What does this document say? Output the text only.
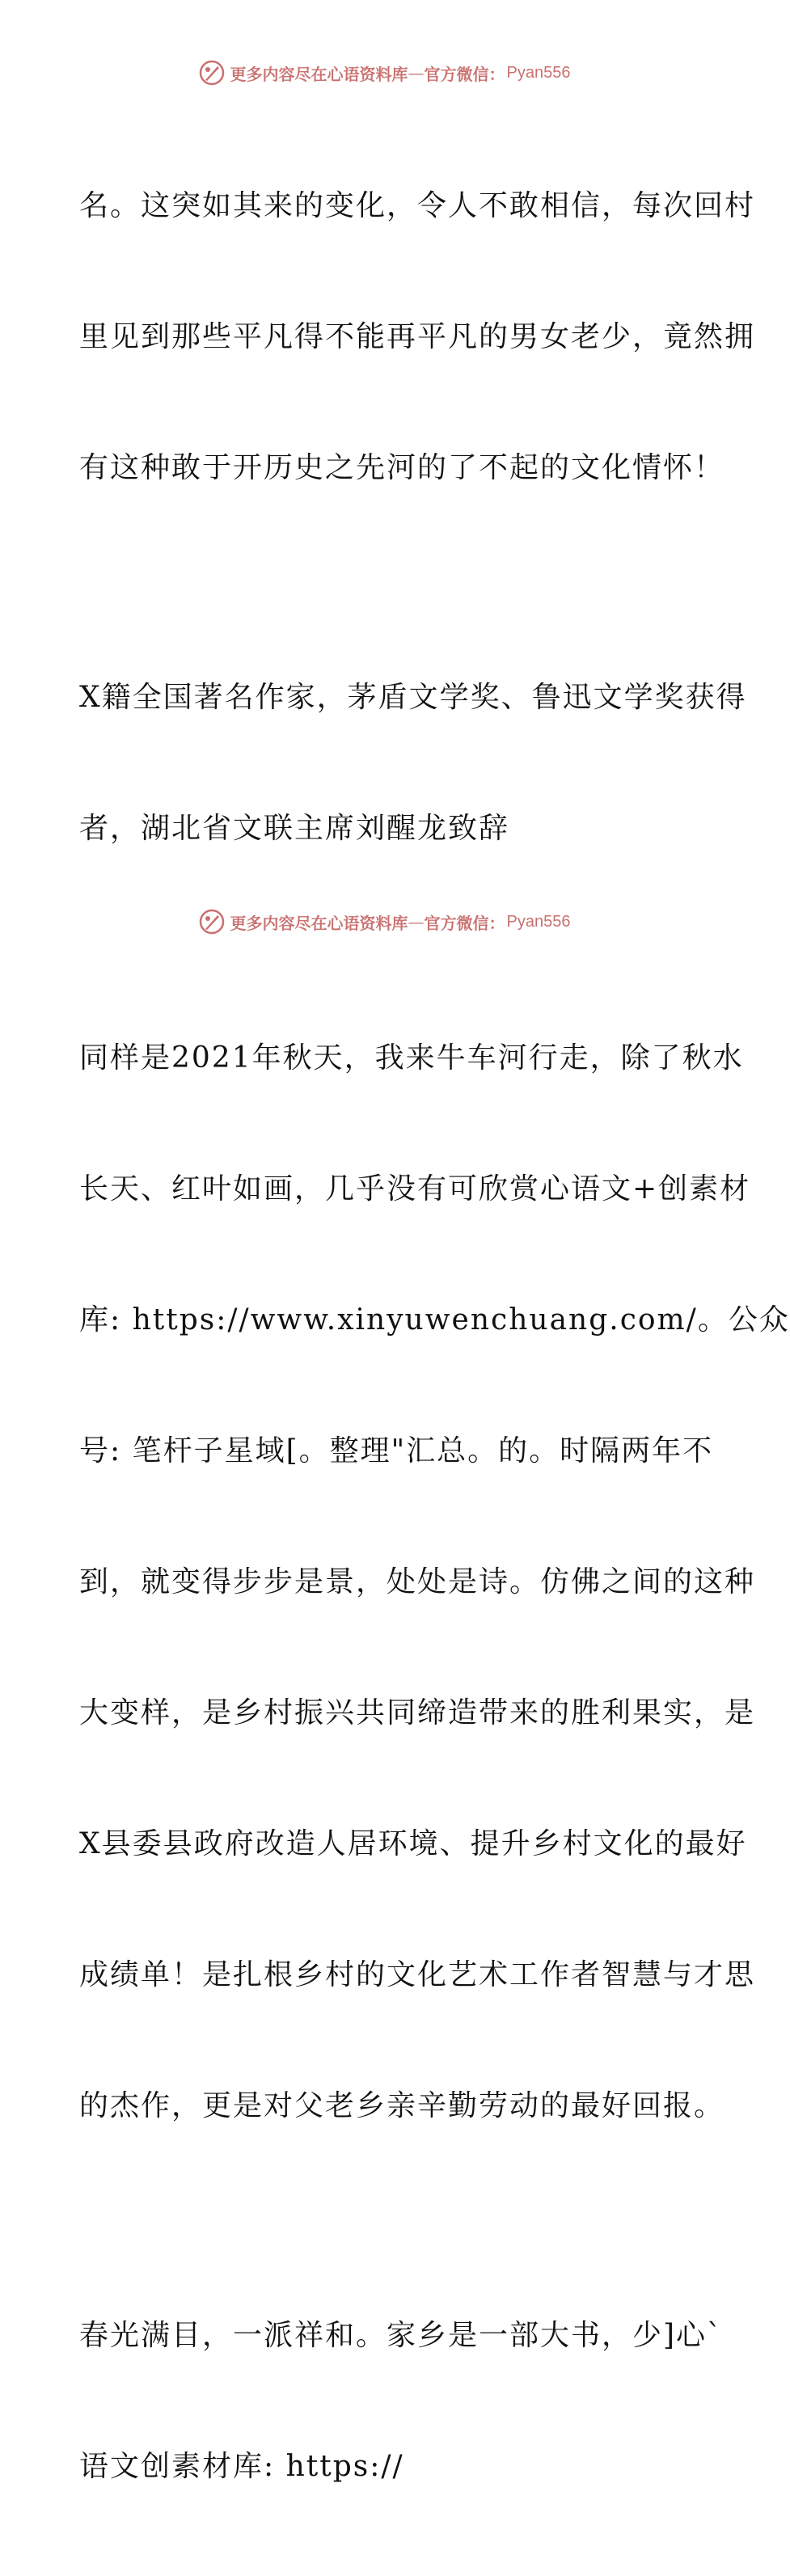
更多内容尽在心语资料库 — 官方微信： Pyan556

名。这突如其来的变化，令人不敢相信，每次回村

里见到那些平凡得不能再平凡的男女老少，竟然拥

有这种敢于开历史之先河的了不起的文化情怀！

X籍全国著名作家，茅盾文学奖、鲁迅文学奖获得

者，湖北省文联主席刘醒龙致辞

同样是2021年秋天，我来牛车河行走，除了秋水

长天、红叶如画，几乎没有可欣赏心语文+创素材

库: https://www.xinyuwenchuang.com/。公众

号: 笔杆子星域[。整理"汇总。的。时隔两年不

到，就变得步步是景，处处是诗。仿佛之间的这种

大变样，是乡村振兴共同缔造带来的胜利果实，是

X县委县政府改造人居环境、提升乡村文化的最好

成绩单！是扎根乡村的文化艺术工作者智慧与才思

的杰作，更是对父老乡亲辛勤劳动的最好回报。

春光满目，一派祥和。家乡是一部大书，少]心`

语文创素材库: https://

更多内容尽在心语资料库 — 官方微信： Pyan556
